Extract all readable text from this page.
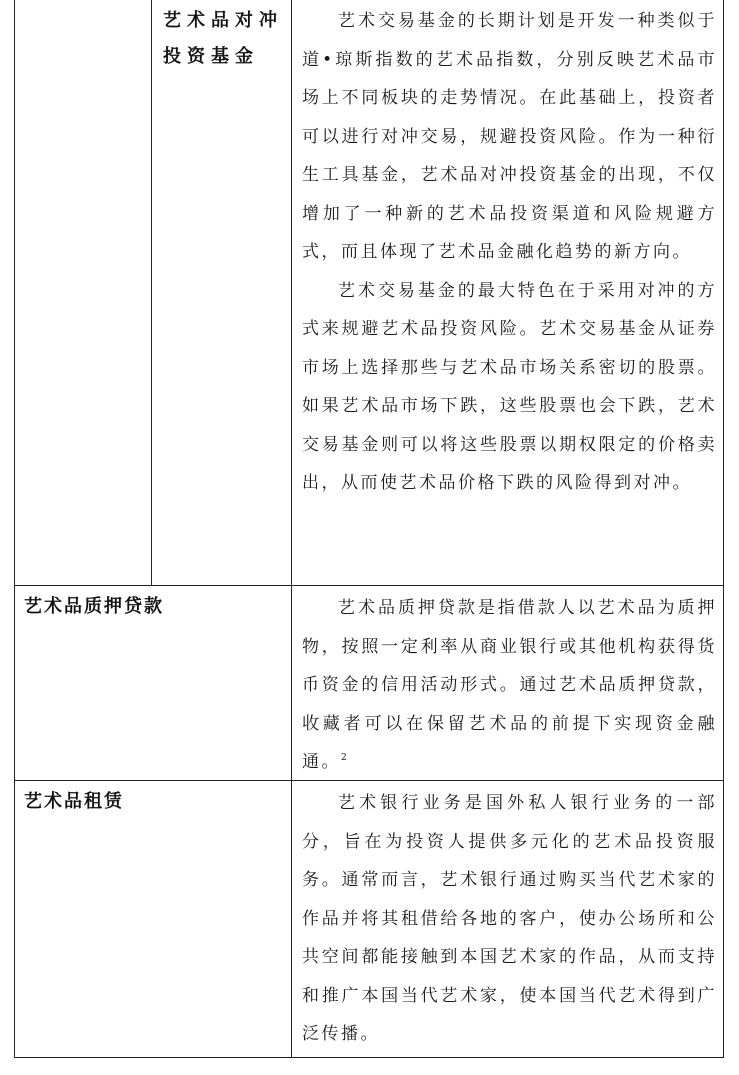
艺术品对冲
投资基金

艺术交易基金的长期计划是开发一种类似于道•琼斯指数的艺术品指数，分别反映艺术品市场上不同板块的走势情况。在此基础上，投资者可以进行对冲交易，规避投资风险。作为一种衍生工具基金，艺术品对冲投资基金的出现，不仅增加了一种新的艺术品投资渠道和风险规避方式，而且体现了艺术品金融化趋势的新方向。

艺术交易基金的最大特色在于采用对冲的方式来规避艺术品投资风险。艺术交易基金从证券市场上选择那些与艺术品市场关系密切的股票。如果艺术品市场下跌，这些股票也会下跌，艺术交易基金则可以将这些股票以期权限定的价格卖出，从而使艺术品价格下跌的风险得到对冲。

艺术品质押贷款	艺术品质押贷款是指借款人以艺术品为质押物，按照一定利率从商业银行或其他机构获得货币资金的信用活动形式。通过艺术品质押贷款，收藏者可以在保留艺术品的前提下实现资金融通。$^2$

艺术品租赁	艺术银行业务是国外私人银行业务的一部分，旨在为投资人提供多元化的艺术品投资服务。通常而言，艺术银行通过购买当代艺术家的作品并将其租借给各地的客户，使办公场所和公共空间都能接触到本国艺术家的作品，从而支持和推广本国当代艺术家，使本国当代艺术得到广泛传播。
